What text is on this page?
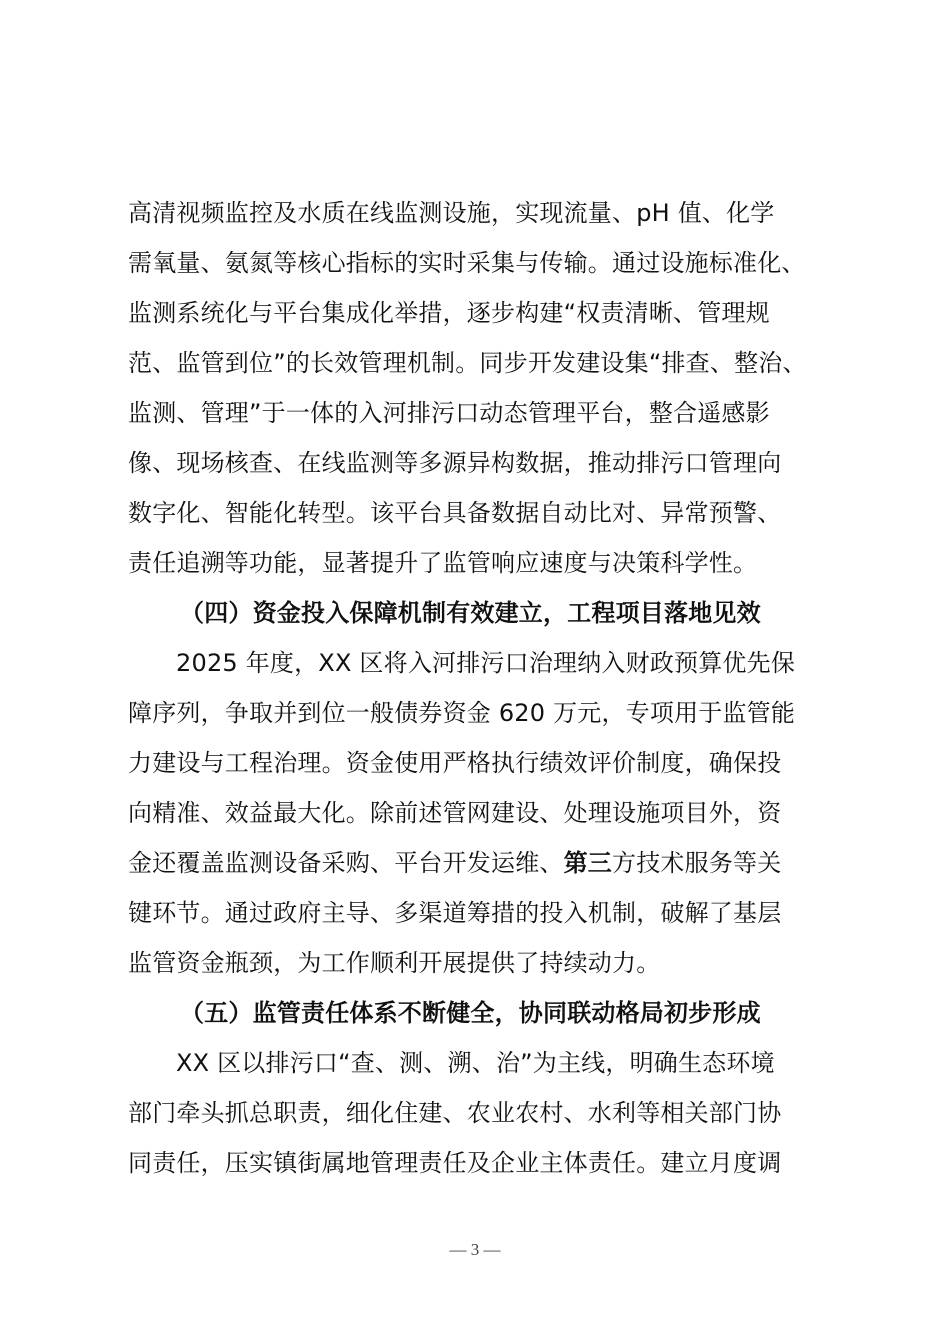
高清视频监控及水质在线监测设施，实现流量、pH 值、化学
需氧量、氨氮等核心指标的实时采集与传输。通过设施标准化、
监测系统化与平台集成化举措，逐步构建“权责清晰、管理规
范、监管到位”的长效管理机制。同步开发建设集“排查、整治、
监测、管理”于一体的入河排污口动态管理平台，整合遥感影
像、现场核查、在线监测等多源异构数据，推动排污口管理向
数字化、智能化转型。该平台具备数据自动比对、异常预警、
责任追溯等功能，显著提升了监管响应速度与决策科学性。
（四）资金投入保障机制有效建立，工程项目落地见效
2025 年度，XX 区将入河排污口治理纳入财政预算优先保
障序列，争取并到位一般债券资金 620 万元，专项用于监管能
力建设与工程治理。资金使用严格执行绩效评价制度，确保投
向精准、效益最大化。除前述管网建设、处理设施项目外，资
金还覆盖监测设备采购、平台开发运维、第三方技术服务等关
键环节。通过政府主导、多渠道筹措的投入机制，破解了基层
监管资金瓶颈，为工作顺利开展提供了持续动力。
（五）监管责任体系不断健全，协同联动格局初步形成
XX 区以排污口“查、测、溯、治”为主线，明确生态环境
部门牵头抓总职责，细化住建、农业农村、水利等相关部门协
同责任，压实镇街属地管理责任及企业主体责任。建立月度调
— 3 —
